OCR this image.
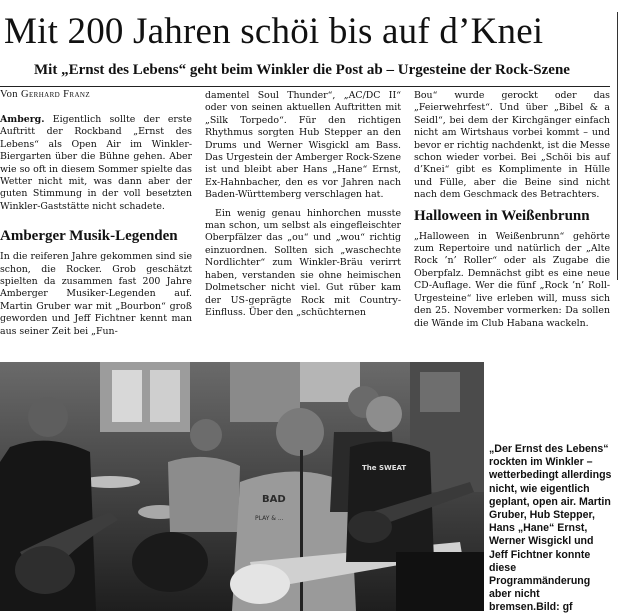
Mit 200 Jahren schöi bis auf d’Knei
Mit „Ernst des Lebens“ geht beim Winkler die Post ab – Urgesteine der Rock-Szene
Von Gerhard Franz

Amberg. Eigentlich sollte der erste Auftritt der Rockband „Ernst des Lebens“ als Open Air im Winkler-Biergarten über die Bühne gehen. Aber wie so oft in diesem Sommer spielte das Wetter nicht mit, was dann aber der guten Stimmung in der voll besetzten Winkler-Gaststätte nicht schadete.

Amberger Musik-Legenden

In die reiferen Jahre gekommen sind sie schon, die Rocker. Grob geschätzt spielten da zusammen fast 200 Jahre Amberger Musiker-Legenden auf. Martin Gruber war mit „Bourbon“ groß geworden und Jeff Fichtner kennt man aus seiner Zeit bei „Fun-

damentel Soul Thunder“, „AC/DC II“ oder von seinen aktuellen Auftritten mit „Silk Torpedo“. Für den richtigen Rhythmus sorgten Hub Stepper an den Drums und Werner Wisgickl am Bass. Das Urgestein der Amberger Rock-Szene ist und bleibt aber Hans „Hane“ Ernst, Ex-Hahnbacher, den es vor Jahren nach Baden-Württemberg verschlagen hat.

Ein wenig genau hinhorchen musste man schon, um selbst als eingefleischter Oberpfälzer das „ou“ und „wou“ richtig einzuordnen. Sollten sich „waschechte Nordlichter“ zum Winkler-Bräu verirrt haben, verstanden sie ohne heimischen Dolmetscher nicht viel. Gut rüber kam der US-geprägte Rock mit Country-Einfluss. Über den „schüchternen

Bou“ wurde gerockt oder das „Feierwehrfest“. Und über „Bibel & a Seidl“, bei dem der Kirchgänger einfach nicht am Wirtshaus vorbei kommt – und bevor er richtig nachdenkt, ist die Messe schon wieder vorbei. Bei „Schöi bis auf d’Knei“ gibt es Komplimente in Hülle und Fülle, aber die Beine sind nicht nach dem Geschmack des Betrachters.

Halloween in Weißenbrunn

„Halloween in Weißenbrunn“ gehörte zum Repertoire und natürlich der „Alte Rock ’n’ Roller“ oder als Zugabe die Oberpfalz. Demnächst gibt es eine neue CD-Auflage. Wer die fünf „Rock ’n’ Roll-Urgesteine“ live erleben will, muss sich den 25. November vormerken: Da sollen die Wände im Club Habana wackeln.

BAD
PLAY & ...
The SWEAT
„Der Ernst des Lebens“ rockten im Winkler – wetterbedingt allerdings nicht, wie eigentlich geplant, open air. Martin Gruber, Hub Stepper, Hans „Hane“ Ernst, Werner Wisgickl und Jeff Fichtner konnte diese Programmänderung aber nicht bremsen.Bild: gf
